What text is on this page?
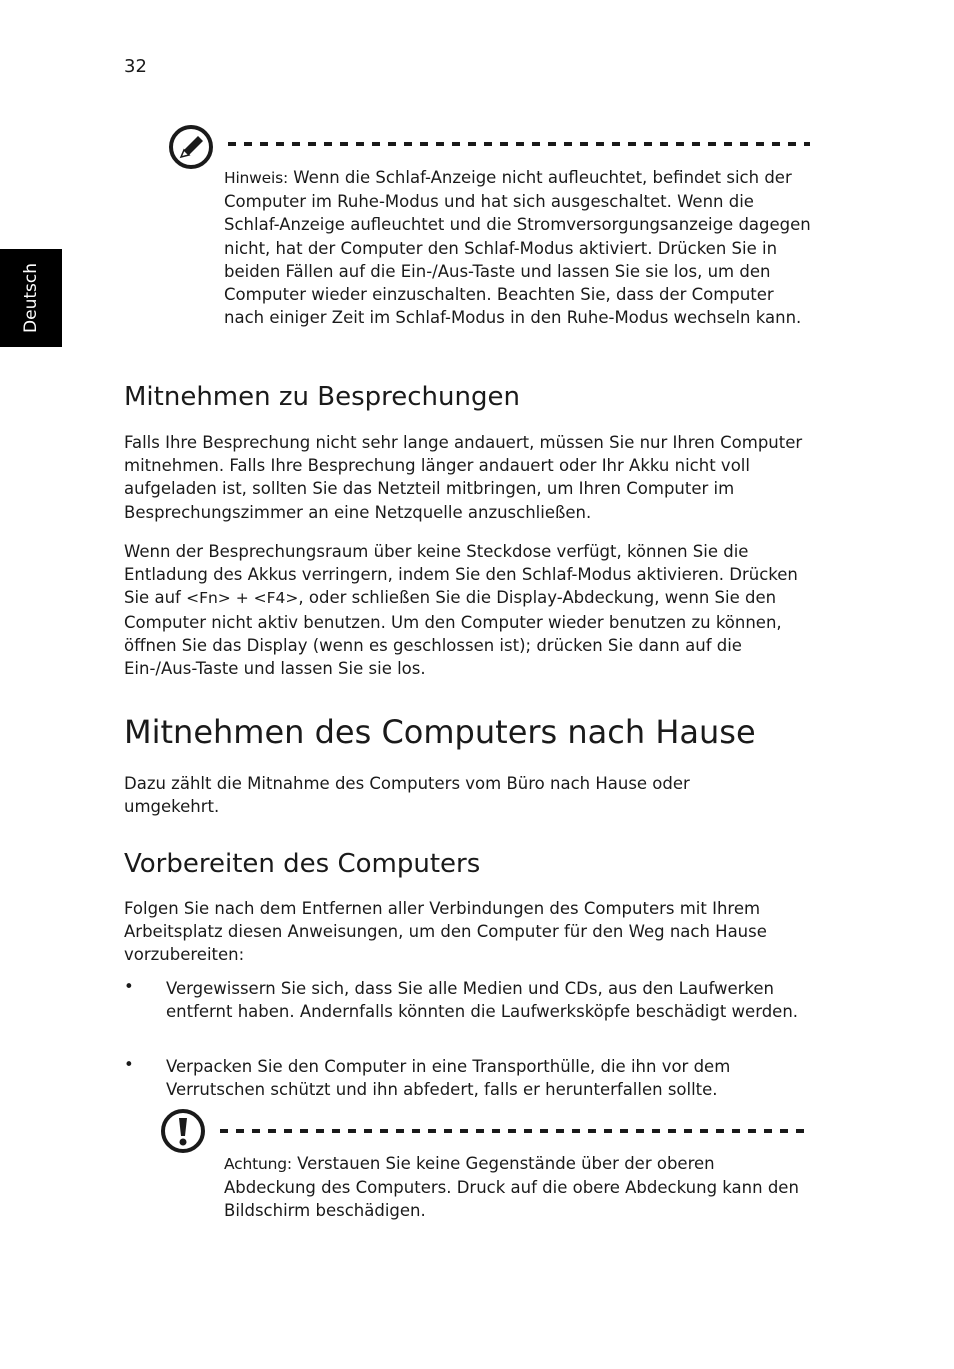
32
Deutsch

Hinweis: Wenn die Schlaf-Anzeige nicht aufleuchtet, befindet sich der Computer im Ruhe-Modus und hat sich ausgeschaltet. Wenn die Schlaf-Anzeige aufleuchtet und die Stromversorgungsanzeige dagegen nicht, hat der Computer den Schlaf-Modus aktiviert. Drücken Sie in beiden Fällen auf die Ein-/Aus-Taste und lassen Sie sie los, um den Computer wieder einzuschalten. Beachten Sie, dass der Computer nach einiger Zeit im Schlaf-Modus in den Ruhe-Modus wechseln kann.

Mitnehmen zu Besprechungen

Falls Ihre Besprechung nicht sehr lange andauert, müssen Sie nur Ihren Computer mitnehmen. Falls Ihre Besprechung länger andauert oder Ihr Akku nicht voll aufgeladen ist, sollten Sie das Netzteil mitbringen, um Ihren Computer im Besprechungszimmer an eine Netzquelle anzuschließen.

Wenn der Besprechungsraum über keine Steckdose verfügt, können Sie die Entladung des Akkus verringern, indem Sie den Schlaf-Modus aktivieren. Drücken Sie auf <Fn> + <F4>, oder schließen Sie die Display-Abdeckung, wenn Sie den Computer nicht aktiv benutzen. Um den Computer wieder benutzen zu können, öffnen Sie das Display (wenn es geschlossen ist); drücken Sie dann auf die Ein-/Aus-Taste und lassen Sie sie los.

Mitnehmen des Computers nach Hause

Dazu zählt die Mitnahme des Computers vom Büro nach Hause oder umgekehrt.

Vorbereiten des Computers

Folgen Sie nach dem Entfernen aller Verbindungen des Computers mit Ihrem Arbeitsplatz diesen Anweisungen, um den Computer für den Weg nach Hause vorzubereiten:

• Vergewissern Sie sich, dass Sie alle Medien und CDs, aus den Laufwerken entfernt haben. Andernfalls könnten die Laufwerksköpfe beschädigt werden.

• Verpacken Sie den Computer in eine Transporthülle, die ihn vor dem Verrutschen schützt und ihn abfedert, falls er herunterfallen sollte.

Achtung: Verstauen Sie keine Gegenstände über der oberen Abdeckung des Computers. Druck auf die obere Abdeckung kann den Bildschirm beschädigen.
